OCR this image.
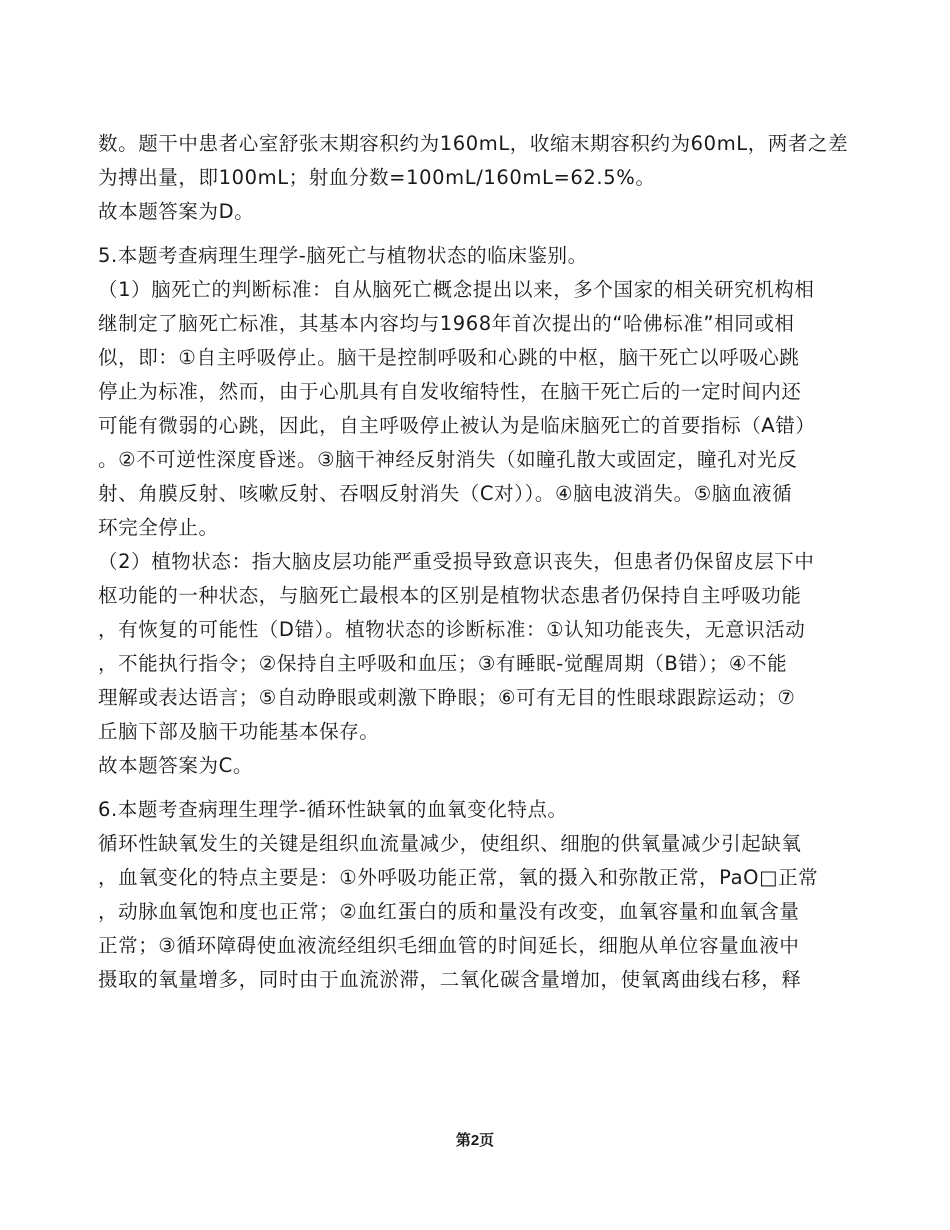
数。题干中患者心室舒张末期容积约为160mL，收缩末期容积约为60mL，两者之差
为搏出量，即100mL；射血分数=100mL/160mL=62.5%。
故本题答案为D。
5.本题考查病理生理学-脑死亡与植物状态的临床鉴别。
（1）脑死亡的判断标准：自从脑死亡概念提出以来，多个国家的相关研究机构相
继制定了脑死亡标准，其基本内容均与1968年首次提出的“哈佛标准”相同或相
似，即：①自主呼吸停止。脑干是控制呼吸和心跳的中枢，脑干死亡以呼吸心跳
停止为标准，然而，由于心肌具有自发收缩特性，在脑干死亡后的一定时间内还
可能有微弱的心跳，因此，自主呼吸停止被认为是临床脑死亡的首要指标（A错）
。②不可逆性深度昏迷。③脑干神经反射消失（如瞳孔散大或固定，瞳孔对光反
射、角膜反射、咳嗽反射、吞咽反射消失（C对））。④脑电波消失。⑤脑血液循
环完全停止。
（2）植物状态：指大脑皮层功能严重受损导致意识丧失，但患者仍保留皮层下中
枢功能的一种状态，与脑死亡最根本的区别是植物状态患者仍保持自主呼吸功能
，有恢复的可能性（D错）。植物状态的诊断标准：①认知功能丧失，无意识活动
，不能执行指令；②保持自主呼吸和血压；③有睡眠-觉醒周期（B错）；④不能
理解或表达语言；⑤自动睁眼或刺激下睁眼；⑥可有无目的性眼球跟踪运动；⑦
丘脑下部及脑干功能基本保存。
故本题答案为C。
6.本题考查病理生理学-循环性缺氧的血氧变化特点。
循环性缺氧发生的关键是组织血流量减少，使组织、细胞的供氧量减少引起缺氧
，血氧变化的特点主要是：①外呼吸功能正常，氧的摄入和弥散正常，PaO□正常
，动脉血氧饱和度也正常；②血红蛋白的质和量没有改变，血氧容量和血氧含量
正常；③循环障碍使血液流经组织毛细血管的时间延长，细胞从单位容量血液中
摄取的氧量增多，同时由于血流淤滞，二氧化碳含量增加，使氧离曲线右移，释
第2页
